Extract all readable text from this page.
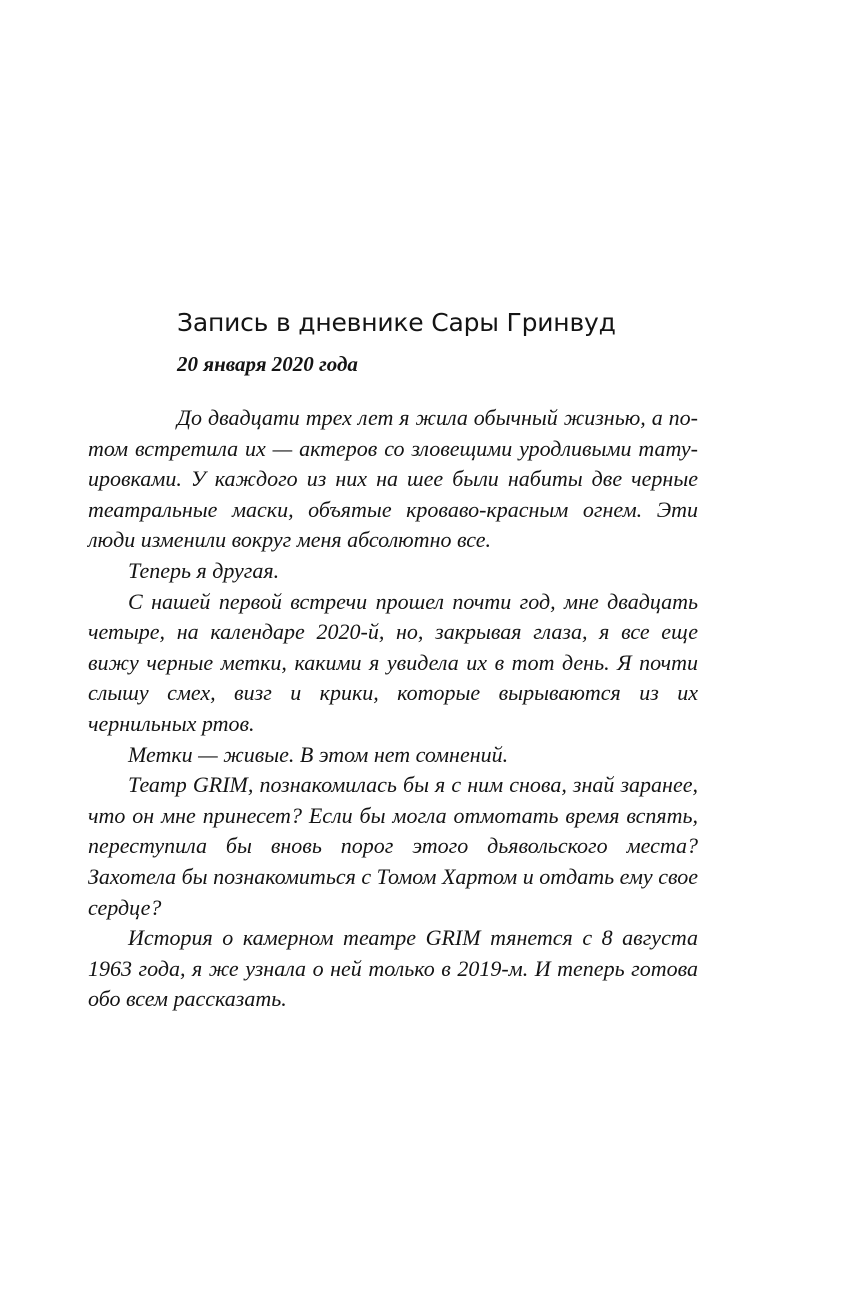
Запись в дневнике Сары Гринвуд

20 января 2020 года

До двадцати трех лет я жила обычный жизнью, а потом встретила их — актеров со зловещими уродливыми татуировками. У каждого из них на шее были набиты две черные театральные маски, объятые кроваво-красным огнем. Эти люди изменили вокруг меня абсолютно все.

Теперь я другая.

С нашей первой встречи прошел почти год, мне двадцать четыре, на календаре 2020-й, но, закрывая глаза, я все еще вижу черные метки, какими я увидела их в тот день. Я почти слышу смех, визг и крики, которые вырываются из их чернильных ртов.

Метки — живые. В этом нет сомнений.

Театр GRIM, познакомилась бы я с ним снова, знай заранее, что он мне принесет? Если бы могла отмотать время вспять, переступила бы вновь порог этого дьявольского места? Захотела бы познакомиться с Томом Хартом и отдать ему свое сердце?

История о камерном театре GRIM тянется с 8 августа 1963 года, я же узнала о ней только в 2019-м. И теперь готова обо всем рассказать.
